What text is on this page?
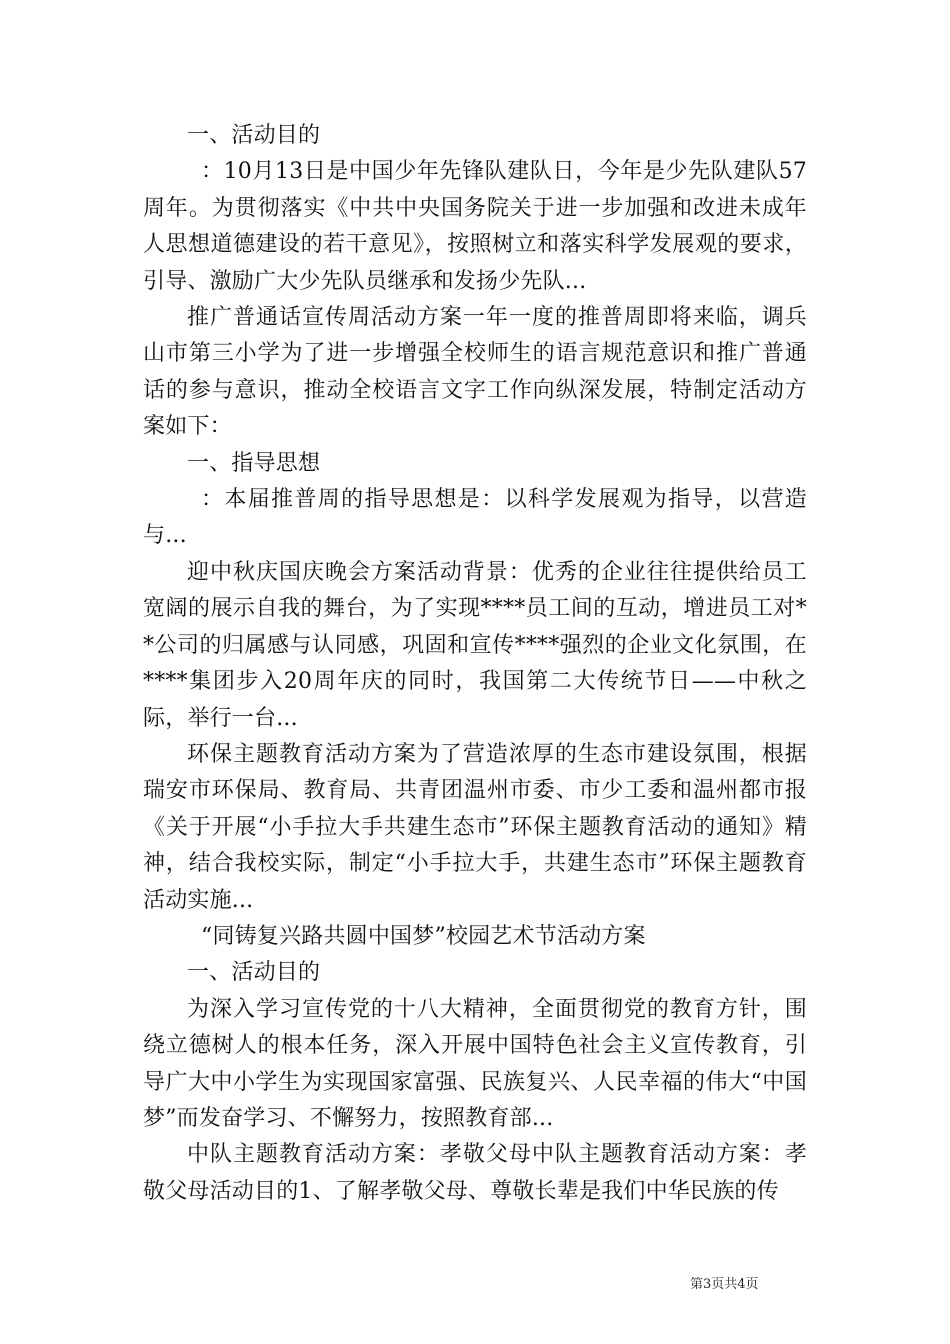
一、活动目的

：10月13日是中国少年先锋队建队日，今年是少先队建队57周年。为贯彻落实《中共中央国务院关于进一步加强和改进未成年人思想道德建设的若干意见》，按照树立和落实科学发展观的要求，引导、激励广大少先队员继承和发扬少先队...

推广普通话宣传周活动方案一年一度的推普周即将来临，调兵山市第三小学为了进一步增强全校师生的语言规范意识和推广普通话的参与意识，推动全校语言文字工作向纵深发展，特制定活动方案如下：

一、指导思想

：本届推普周的指导思想是：以科学发展观为指导，以营造与...

迎中秋庆国庆晚会方案活动背景：优秀的企业往往提供给员工宽阔的展示自我的舞台，为了实现****员工间的互动，增进员工对**公司的归属感与认同感，巩固和宣传****强烈的企业文化氛围，在****集团步入20周年庆的同时，我国第二大传统节日——中秋之际，举行一台...

环保主题教育活动方案为了营造浓厚的生态市建设氛围，根据瑞安市环保局、教育局、共青团温州市委、市少工委和温州都市报《关于开展“小手拉大手共建生态市”环保主题教育活动的通知》精神，结合我校实际，制定“小手拉大手，共建生态市”环保主题教育活动实施...

“同铸复兴路共圆中国梦”校园艺术节活动方案

一、活动目的

为深入学习宣传党的十八大精神，全面贯彻党的教育方针，围绕立德树人的根本任务，深入开展中国特色社会主义宣传教育，引导广大中小学生为实现国家富强、民族复兴、人民幸福的伟大“中国梦”而发奋学习、不懈努力，按照教育部...

中队主题教育活动方案：孝敬父母中队主题教育活动方案：孝敬父母活动目的1、了解孝敬父母、尊敬长辈是我们中华民族的传

第3页共4页
